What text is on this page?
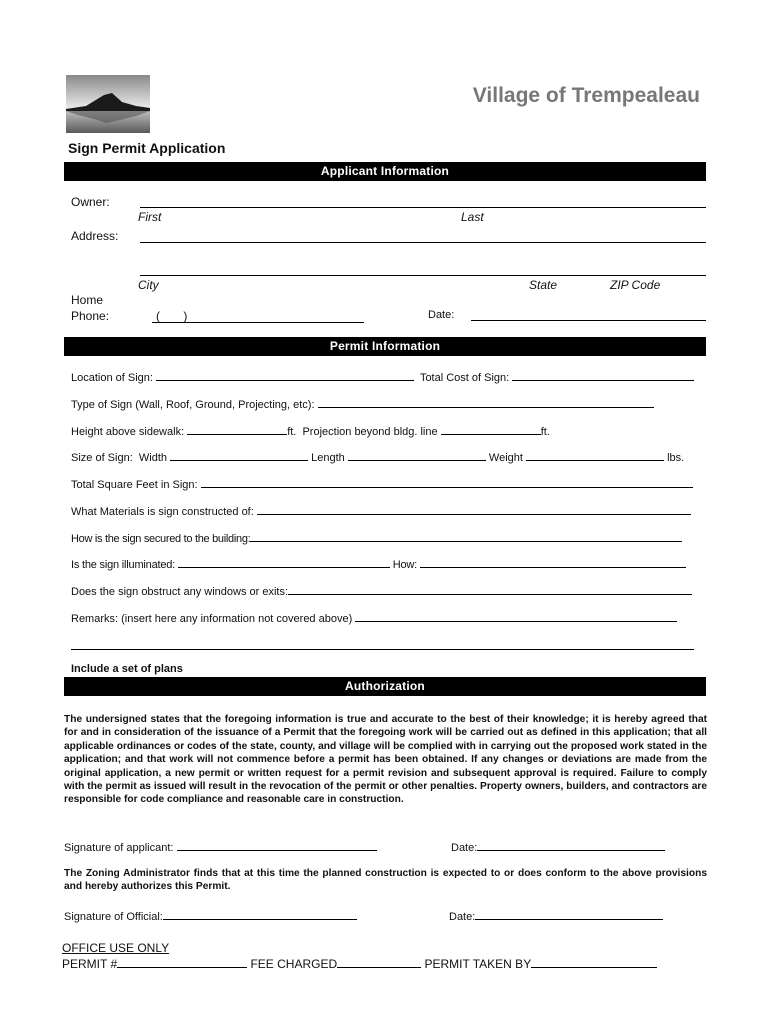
Village of Trempealeau
Sign Permit Application
Applicant Information
Owner:
First	Last
Address:
City	State	ZIP Code
Home
Phone:	(       )	Date:
Permit Information
Location of Sign:	Total Cost of Sign:
Type of Sign (Wall, Roof, Ground, Projecting, etc):
Height above sidewalk:	ft.  Projection beyond bldg. line	ft.
Size of Sign:  Width	Length	Weight	lbs.
Total Square Feet in Sign:
What Materials is sign constructed of:
How is the sign secured to the building:
Is the sign illuminated:	How:
Does the sign obstruct any windows or exits:
Remarks: (insert here any information not covered above)
Include a set of plans
Authorization
The undersigned states that the foregoing information is true and accurate to the best of their knowledge; it is hereby agreed that for and in consideration of the issuance of a Permit that the foregoing work will be carried out as defined in this application; that all applicable ordinances or codes of the state, county, and village will be complied with in carrying out the proposed work stated in the application; and that work will not commence before a permit has been obtained. If any changes or deviations are made from the original application, a new permit or written request for a permit revision and subsequent approval is required. Failure to comply with the permit as issued will result in the revocation of the permit or other penalties. Property owners, builders, and contractors are responsible for code compliance and reasonable care in construction.
Signature of applicant:	Date:
The Zoning Administrator finds that at this time the planned construction is expected to or does conform to the above provisions and hereby authorizes this Permit.
Signature of Official:	Date:
OFFICE USE ONLY
PERMIT #	FEE CHARGED	PERMIT TAKEN BY
